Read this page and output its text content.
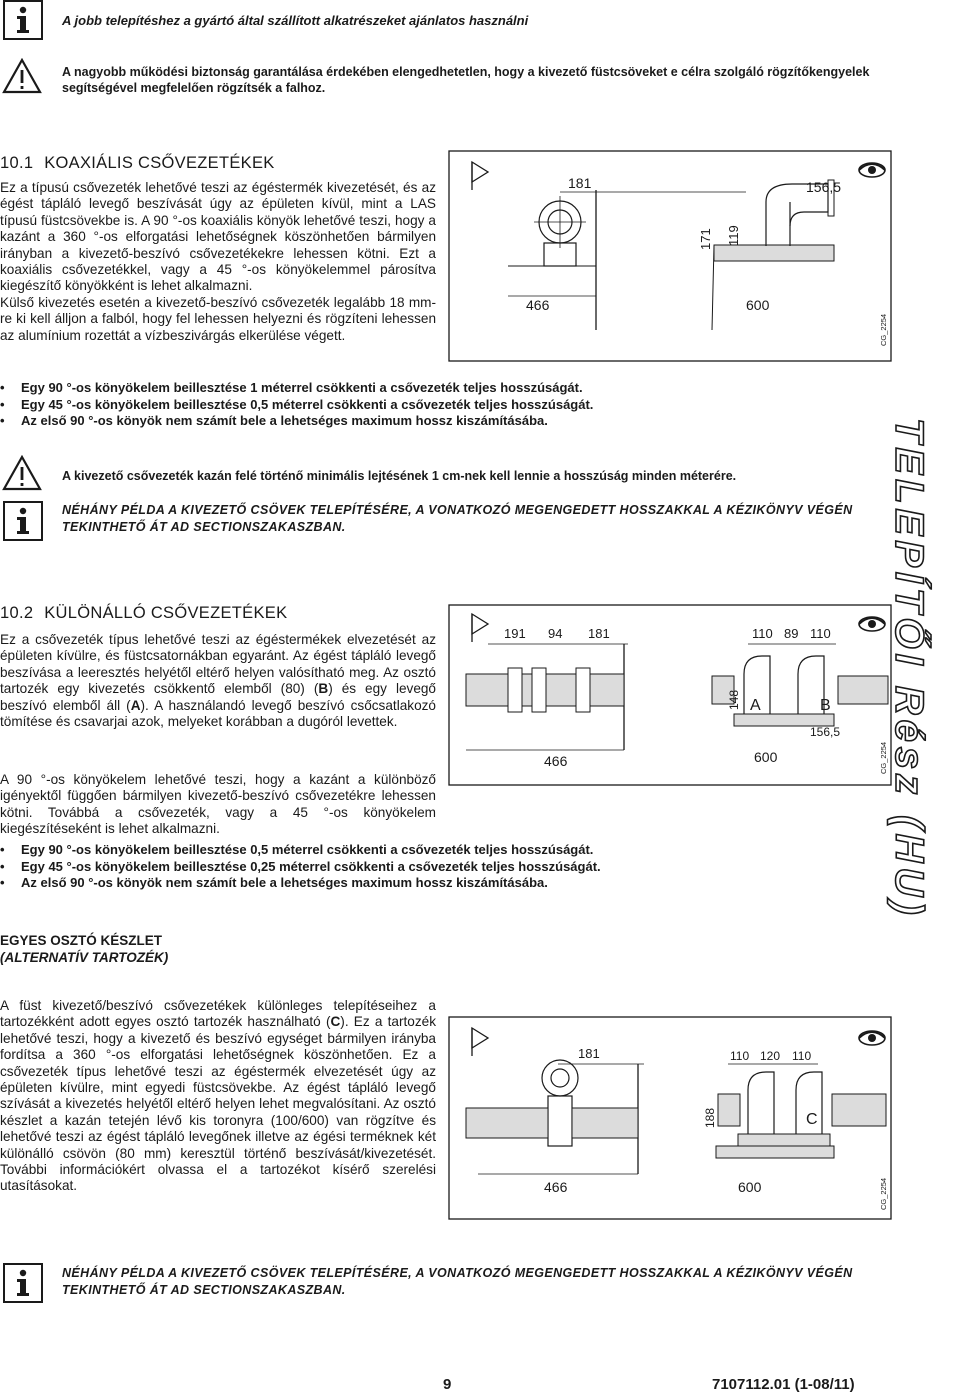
A jobb telepítéshez a gyártó által szállított alkatrészeket ajánlatos használni
A nagyobb működési biztonság garantálása érdekében elengedhetetlen, hogy a kivezető füstcsöveket e célra szolgáló rögzítőkengyelek segítségével megfelelően rögzítsék a falhoz.
10.1 KOAXIÁLIS CSŐVEZETÉKEK
Ez a típusú csővezeték lehetővé teszi az égéstermék kivezetését, és az égést tápláló levegő beszívását úgy az épületen kívül, mint a LAS típusú füstcsövekbe is. A 90 °-os koaxiális könyök lehetővé teszi, hogy a kazánt a 360 °-os elforgatási lehetőségnek köszönhetően bármilyen irányban a kivezető-beszívó csővezetékekre lehessen kötni. Ezt a koaxiális csővezetékkel, vagy a 45 °-os könyökelemmel párosítva kiegészítő könyökként is lehet alkalmazni.
Külső kivezetés esetén a kivezető-beszívó csővezeték legalább 18 mm-re ki kell álljon a falból, hogy fel lehessen helyezni és rögzíteni lehessen az alumínium rozettát a vízbeszivárgás elkerülése végett.
• Egy 90 °-os könyökelem beillesztése 1 méterrel csökkenti a csővezeték teljes hosszúságát.
• Egy 45 °-os könyökelem beillesztése 0,5 méterrel csökkenti a csővezeték teljes hosszúságát.
• Az első 90 °-os könyök nem számít bele a lehetséges maximum hossz kiszámításába.
181
466
156,5
171 119
600
CG_2254
A kivezető csővezeték kazán felé történő minimális lejtésének 1 cm-nek kell lennie a hosszúság minden méterére.
NÉHÁNY PÉLDA A KIVEZETŐ CSÖVEK TELEPÍTÉSÉRE, A VONATKOZÓ MEGENGEDETT HOSSZAKKAL A KÉZIKÖNYV VÉGÉN TEKINTHETŐ ÁT AD SECTIONSZAKASZBAN.
10.2 KÜLÖNÁLLÓ CSŐVEZETÉKEK
Ez a csővezeték típus lehetővé teszi az égéstermékek elvezetését az épületen kívülre, és füstcsatornákban egyaránt. Az égést tápláló levegő beszívása a leeresztés helyétől eltérő helyen valósítható meg. Az osztó tartozék egy kivezetés csökkentő elemből (80) (B) és egy levegő beszívó elemből áll (A). A használandó levegő beszívó csőcsatlakozó tömítése és csavarjai azok, melyeket korábban a dugóról levettek.
A 90 °-os könyökelem lehetővé teszi, hogy a kazánt a különböző igényektől függően bármilyen kivezető-beszívó csővezetékre lehessen kötni. Továbbá a csővezeték, vagy a 45 °-os könyökelem kiegészítéseként is lehet alkalmazni.
• Egy 90 °-os könyökelem beillesztése 0,5 méterrel csökkenti a csővezeték teljes hosszúságát.
• Egy 45 °-os könyökelem beillesztése 0,25 méterrel csökkenti a csővezeték teljes hosszúságát.
• Az első 90 °-os könyök nem számít bele a lehetséges maximum hossz kiszámításába.
191 94 181
466
110 89 110
148 A	B
156,5
600	CG_2254
EGYES OSZTÓ KÉSZLET
(ALTERNATÍV TARTOZÉK)
A füst kivezető/beszívó csővezetékek különleges telepítéseihez a tartozékként adott egyes osztó tartozék használható (C). Ez a tartozék lehetővé teszi, hogy a kivezető és beszívó egységet bármilyen irányba fordítsa a 360 °-os elforgatási lehetőségnek köszönhetően. Ez a csővezeték típus lehetővé teszi az égéstermék elvezetését úgy az épületen kívülre, mint egyedi füstcsövekbe. Az égést tápláló levegő szívását a kivezetés helyétől eltérő helyen lehet megvalósítani. Az osztó készlet a kazán tetején lévő kis toronyra (100/600) van rögzítve és lehetővé teszi az égést tápláló levegőnek illetve az égési terméknek két különálló csövön (80 mm) keresztül történő beszívását/kivezetését. További információkért olvassa el a tartozékot kísérő szerelési utasításokat.
181
466
110 120 110
188	C
600	CG_2254
NÉHÁNY PÉLDA A KIVEZETŐ CSÖVEK TELEPÍTÉSÉRE, A VONATKOZÓ MEGENGEDETT HOSSZAKKAL A KÉZIKÖNYV VÉGÉN TEKINTHETŐ ÁT AD SECTIONSZAKASZBAN.
TELEPÍTŐI Rész (HU)
9	7107112.01 (1-08/11)
